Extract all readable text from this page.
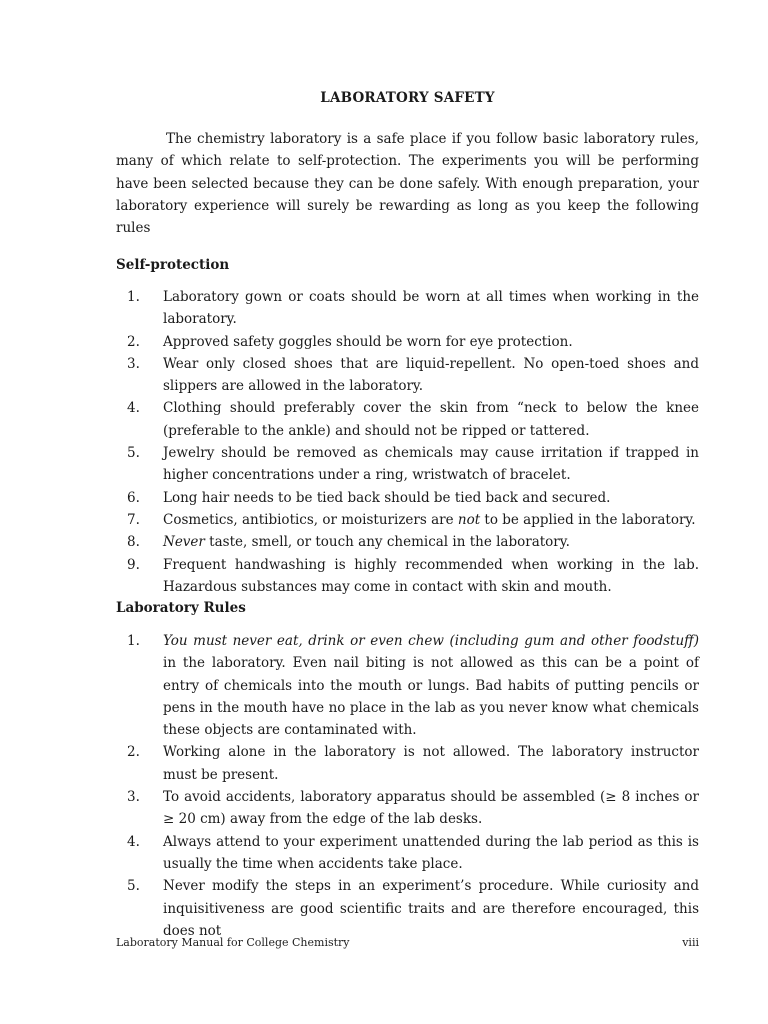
LABORATORY SAFETY

The chemistry laboratory is a safe place if you follow basic laboratory rules, many of which relate to self-protection. The experiments you will be performing have been selected because they can be done safely. With enough preparation, your laboratory experience will surely be rewarding as long as you keep the following rules

Self-protection
1. Laboratory gown or coats should be worn at all times when working in the laboratory.
2. Approved safety goggles should be worn for eye protection.
3. Wear only closed shoes that are liquid-repellent. No open-toed shoes and slippers are allowed in the laboratory.
4. Clothing should preferably cover the skin from “neck to below the knee (preferable to the ankle) and should not be ripped or tattered.
5. Jewelry should be removed as chemicals may cause irritation if trapped in higher concentrations under a ring, wristwatch of bracelet.
6. Long hair needs to be tied back should be tied back and secured.
7. Cosmetics, antibiotics, or moisturizers are not to be applied in the laboratory.
8. Never taste, smell, or touch any chemical in the laboratory.
9. Frequent handwashing is highly recommended when working in the lab. Hazardous substances may come in contact with skin and mouth.
Laboratory Rules
1. You must never eat, drink or even chew (including gum and other foodstuff) in the laboratory. Even nail biting is not allowed as this can be a point of entry of chemicals into the mouth or lungs. Bad habits of putting pencils or pens in the mouth have no place in the lab as you never know what chemicals these objects are contaminated with.
2. Working alone in the laboratory is not allowed. The laboratory instructor must be present.
3. To avoid accidents, laboratory apparatus should be assembled (≥ 8 inches or ≥ 20 cm) away from the edge of the lab desks.
4. Always attend to your experiment unattended during the lab period as this is usually the time when accidents take place.
5. Never modify the steps in an experiment’s procedure. While curiosity and inquisitiveness are good scientific traits and are therefore encouraged, this does not
Laboratory Manual for College Chemistry	viii
